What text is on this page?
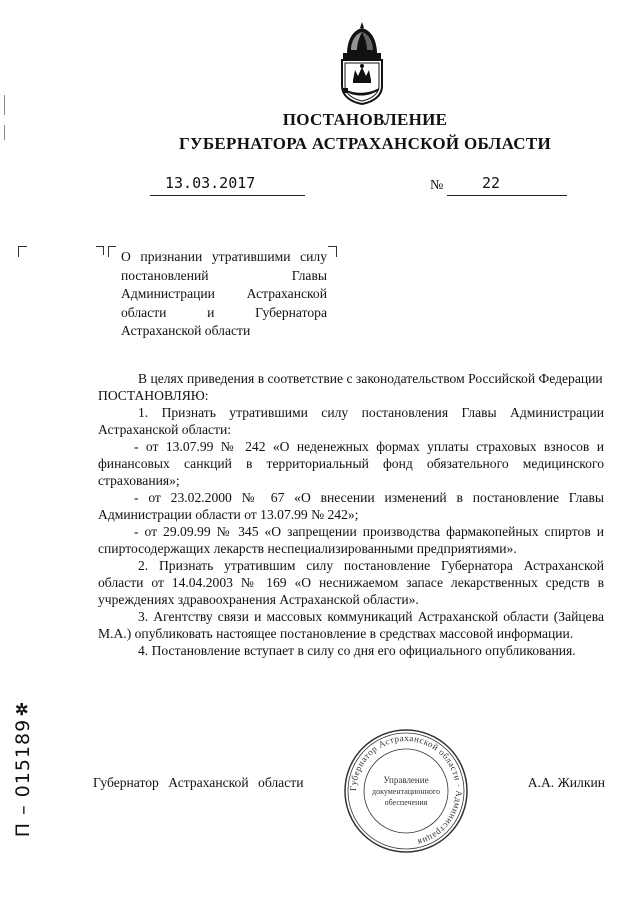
ПОСТАНОВЛЕНИЕ
ГУБЕРНАТОРА АСТРАХАНСКОЙ ОБЛАСТИ
13.03.2017	№	22
О признании утратившими силу постановлений Главы Администрации Астраханской области и Губернатора Астраханской области

В целях приведения в соответствие с законодательством Российской Федерации

ПОСТАНОВЛЯЮ:

1. Признать утратившими силу постановления Главы Администрации Астраханской области:

- от 13.07.99 № 242 «О неденежных формах уплаты страховых взносов и финансовых санкций в территориальный фонд обязательного медицинского страхования»;

- от 23.02.2000 № 67 «О внесении изменений в постановление Главы Администрации области от 13.07.99 № 242»;

- от 29.09.99 № 345 «О запрещении производства фармакопейных спиртов и спиртосодержащих лекарств неспециализированными предприятиями».

2. Признать утратившим силу постановление Губернатора Астраханской области от 14.04.2003 № 169 «О неснижаемом запасе лекарственных средств в учреждениях здравоохранения Астраханской области».

3. Агентству связи и массовых коммуникаций Астраханской области (Зайцева М.А.) опубликовать настоящее постановление в средствах массовой информации.

4. Постановление вступает в силу со дня его официального опубликования.

Губернатор Астраханской области · Администрация
Управление
документационного
обеспечения
Губернатор Астраханской области	А.А. Жилкин
✲
П – 015189
